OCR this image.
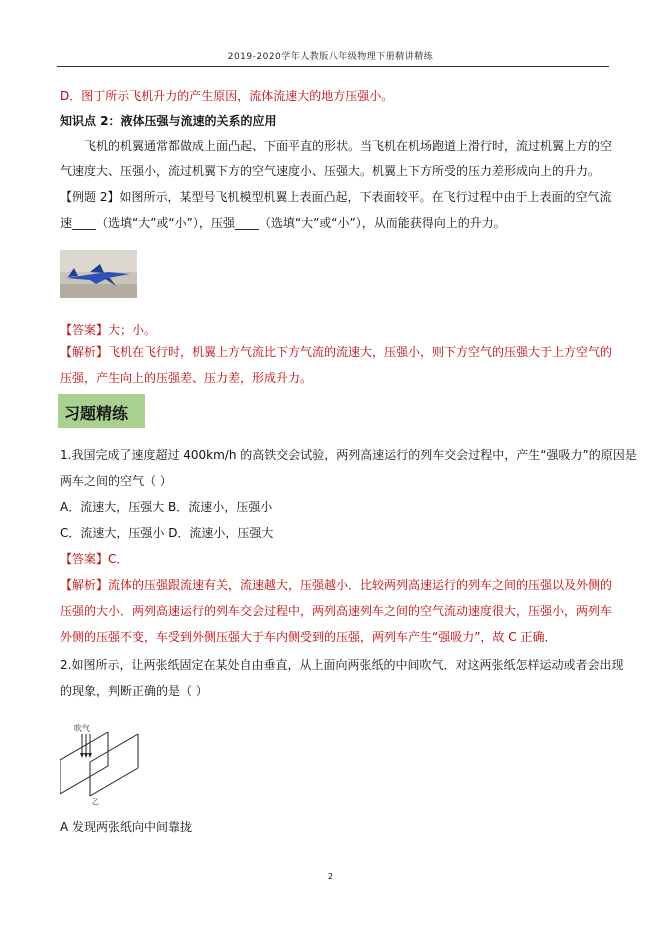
2019-2020学年人教版八年级物理下册精讲精练
D．图丁所示飞机升力的产生原因，流体流速大的地方压强小。
知识点 2：液体压强与流速的关系的应用
飞机的机翼通常都做成上面凸起、下面平直的形状。当飞机在机场跑道上滑行时，流过机翼上方的空
气速度大、压强小，流过机翼下方的空气速度小、压强大。机翼上下方所受的压力差形成向上的升力。
【例题 2】如图所示，某型号飞机模型机翼上表面凸起，下表面较平。在飞行过程中由于上表面的空气流
速____（选填“大”或“小”），压强____（选填“大”或“小”），从而能获得向上的升力。
【答案】大；小。
【解析】飞机在飞行时，机翼上方气流比下方气流的流速大，压强小，则下方空气的压强大于上方空气的
压强，产生向上的压强差、压力差，形成升力。
习题精练
1.我国完成了速度超过 400km/h 的高铁交会试验，两列高速运行的列车交会过程中，产生“强吸力”的原因是
两车之间的空气（ ）
A．流速大，压强大 B．流速小，压强小
C．流速大，压强小 D．流速小，压强大
【答案】C．
【解析】流体的压强跟流速有关，流速越大，压强越小．比较两列高速运行的列车之间的压强以及外侧的
压强的大小．两列高速运行的列车交会过程中，两列高速列车之间的空气流动速度很大，压强小，两列车
外侧的压强不变，车受到外侧压强大于车内侧受到的压强，两列车产生“强吸力”，故 C 正确．
2.如图所示，让两张纸固定在某处自由垂直，从上面向两张纸的中间吹气．对这两张纸怎样运动或者会出现
的现象，判断正确的是（ ）
吹气
乙
A 发现两张纸向中间靠拢
2
